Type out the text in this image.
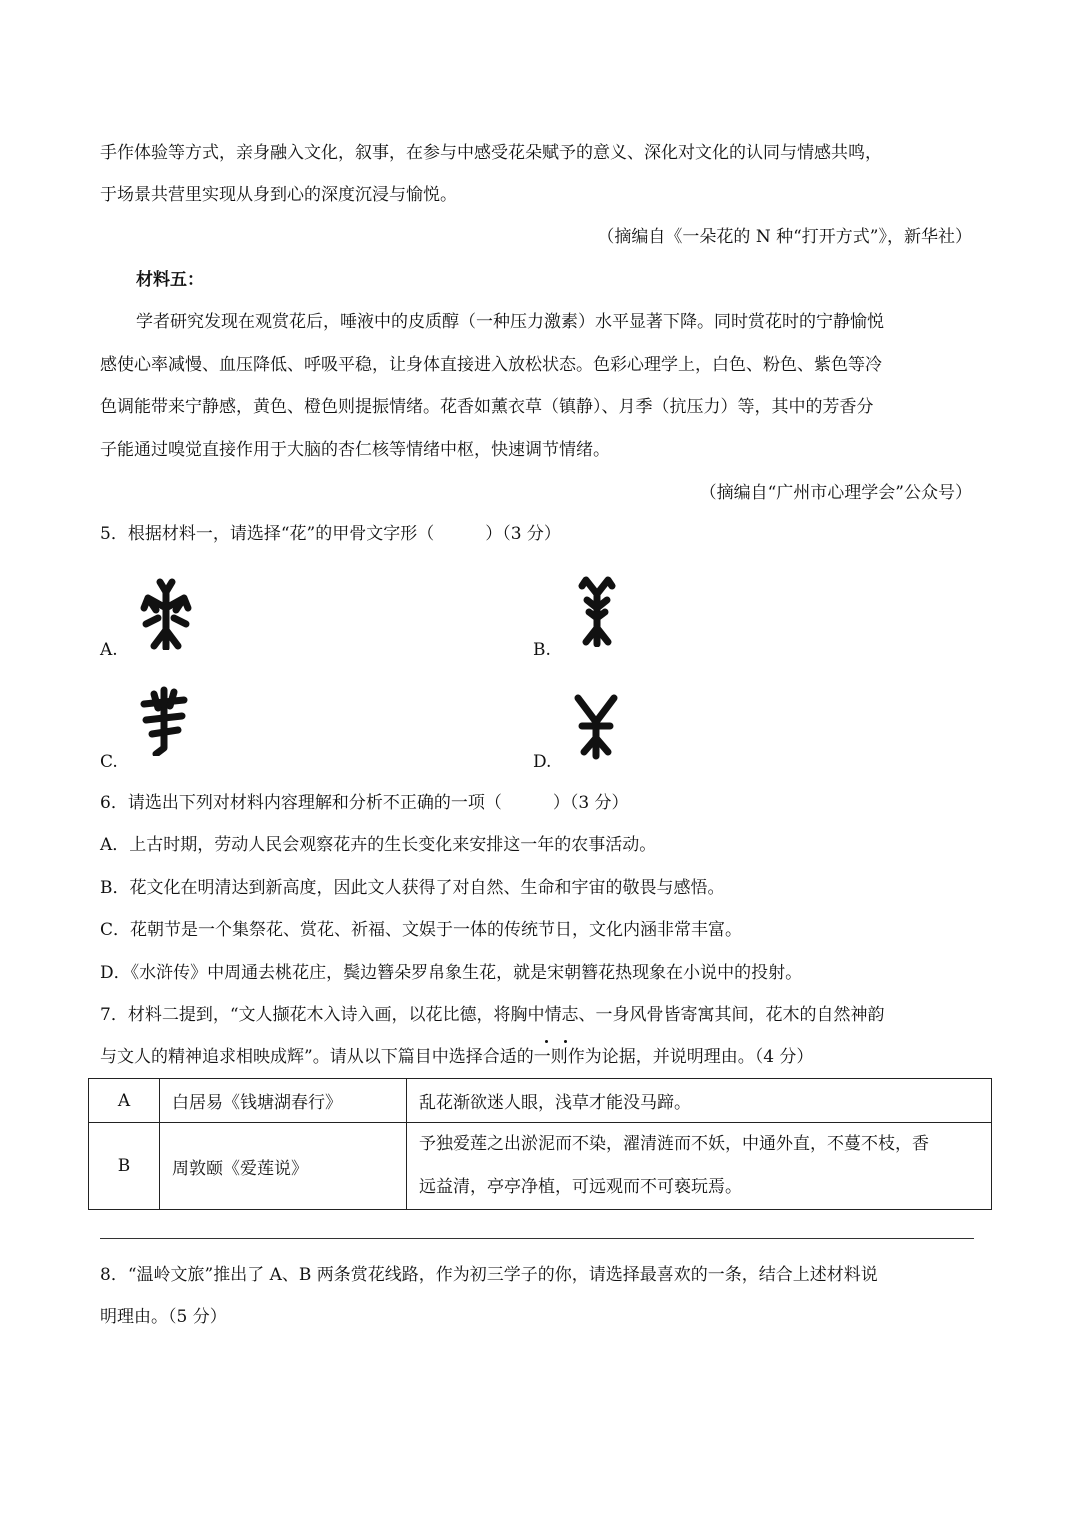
手作体验等方式，亲身融入文化，叙事，在参与中感受花朵赋予的意义、深化对文化的认同与情感共鸣，
于场景共营里实现从身到心的深度沉浸与愉悦。
（摘编自《一朵花的 N 种“打开方式”》，新华社）
材料五：
学者研究发现在观赏花后，唾液中的皮质醇（一种压力激素）水平显著下降。同时赏花时的宁静愉悦
感使心率减慢、血压降低、呼吸平稳，让身体直接进入放松状态。色彩心理学上，白色、粉色、紫色等冷
色调能带来宁静感，黄色、橙色则提振情绪。花香如薰衣草（镇静）、月季（抗压力）等，其中的芳香分
子能通过嗅觉直接作用于大脑的杏仁核等情绪中枢，快速调节情绪。
（摘编自“广州市心理学会”公众号）
5．根据材料一，请选择“花”的甲骨文字形（　　　）（3 分）
A.	B.
C.	D.
6．请选出下列对材料内容理解和分析不正确的一项（　　　）（3 分）
A．上古时期，劳动人民会观察花卉的生长变化来安排这一年的农事活动。
B．花文化在明清达到新高度，因此文人获得了对自然、生命和宇宙的敬畏与感悟。
C．花朝节是一个集祭花、赏花、祈福、文娱于一体的传统节日，文化内涵非常丰富。
D．《水浒传》中周通去桃花庄，鬓边簪朵罗帛象生花，就是宋朝簪花热现象在小说中的投射。
7．材料二提到，“文人撷花木入诗入画，以花比德，将胸中情志、一身风骨皆寄寓其间，花木的自然神韵
与文人的精神追求相映成辉”。请从以下篇目中选择合适的一则作为论据，并说明理由。（4 分）
A	白居易《钱塘湖春行》	乱花渐欲迷人眼，浅草才能没马蹄。
B	周敦颐《爱莲说》	予独爱莲之出淤泥而不染，濯清涟而不妖，中通外直，不蔓不枝，香
远益清，亭亭净植，可远观而不可亵玩焉。
8．“温岭文旅”推出了 A、B 两条赏花线路，作为初三学子的你，请选择最喜欢的一条，结合上述材料说
明理由。（5 分）
